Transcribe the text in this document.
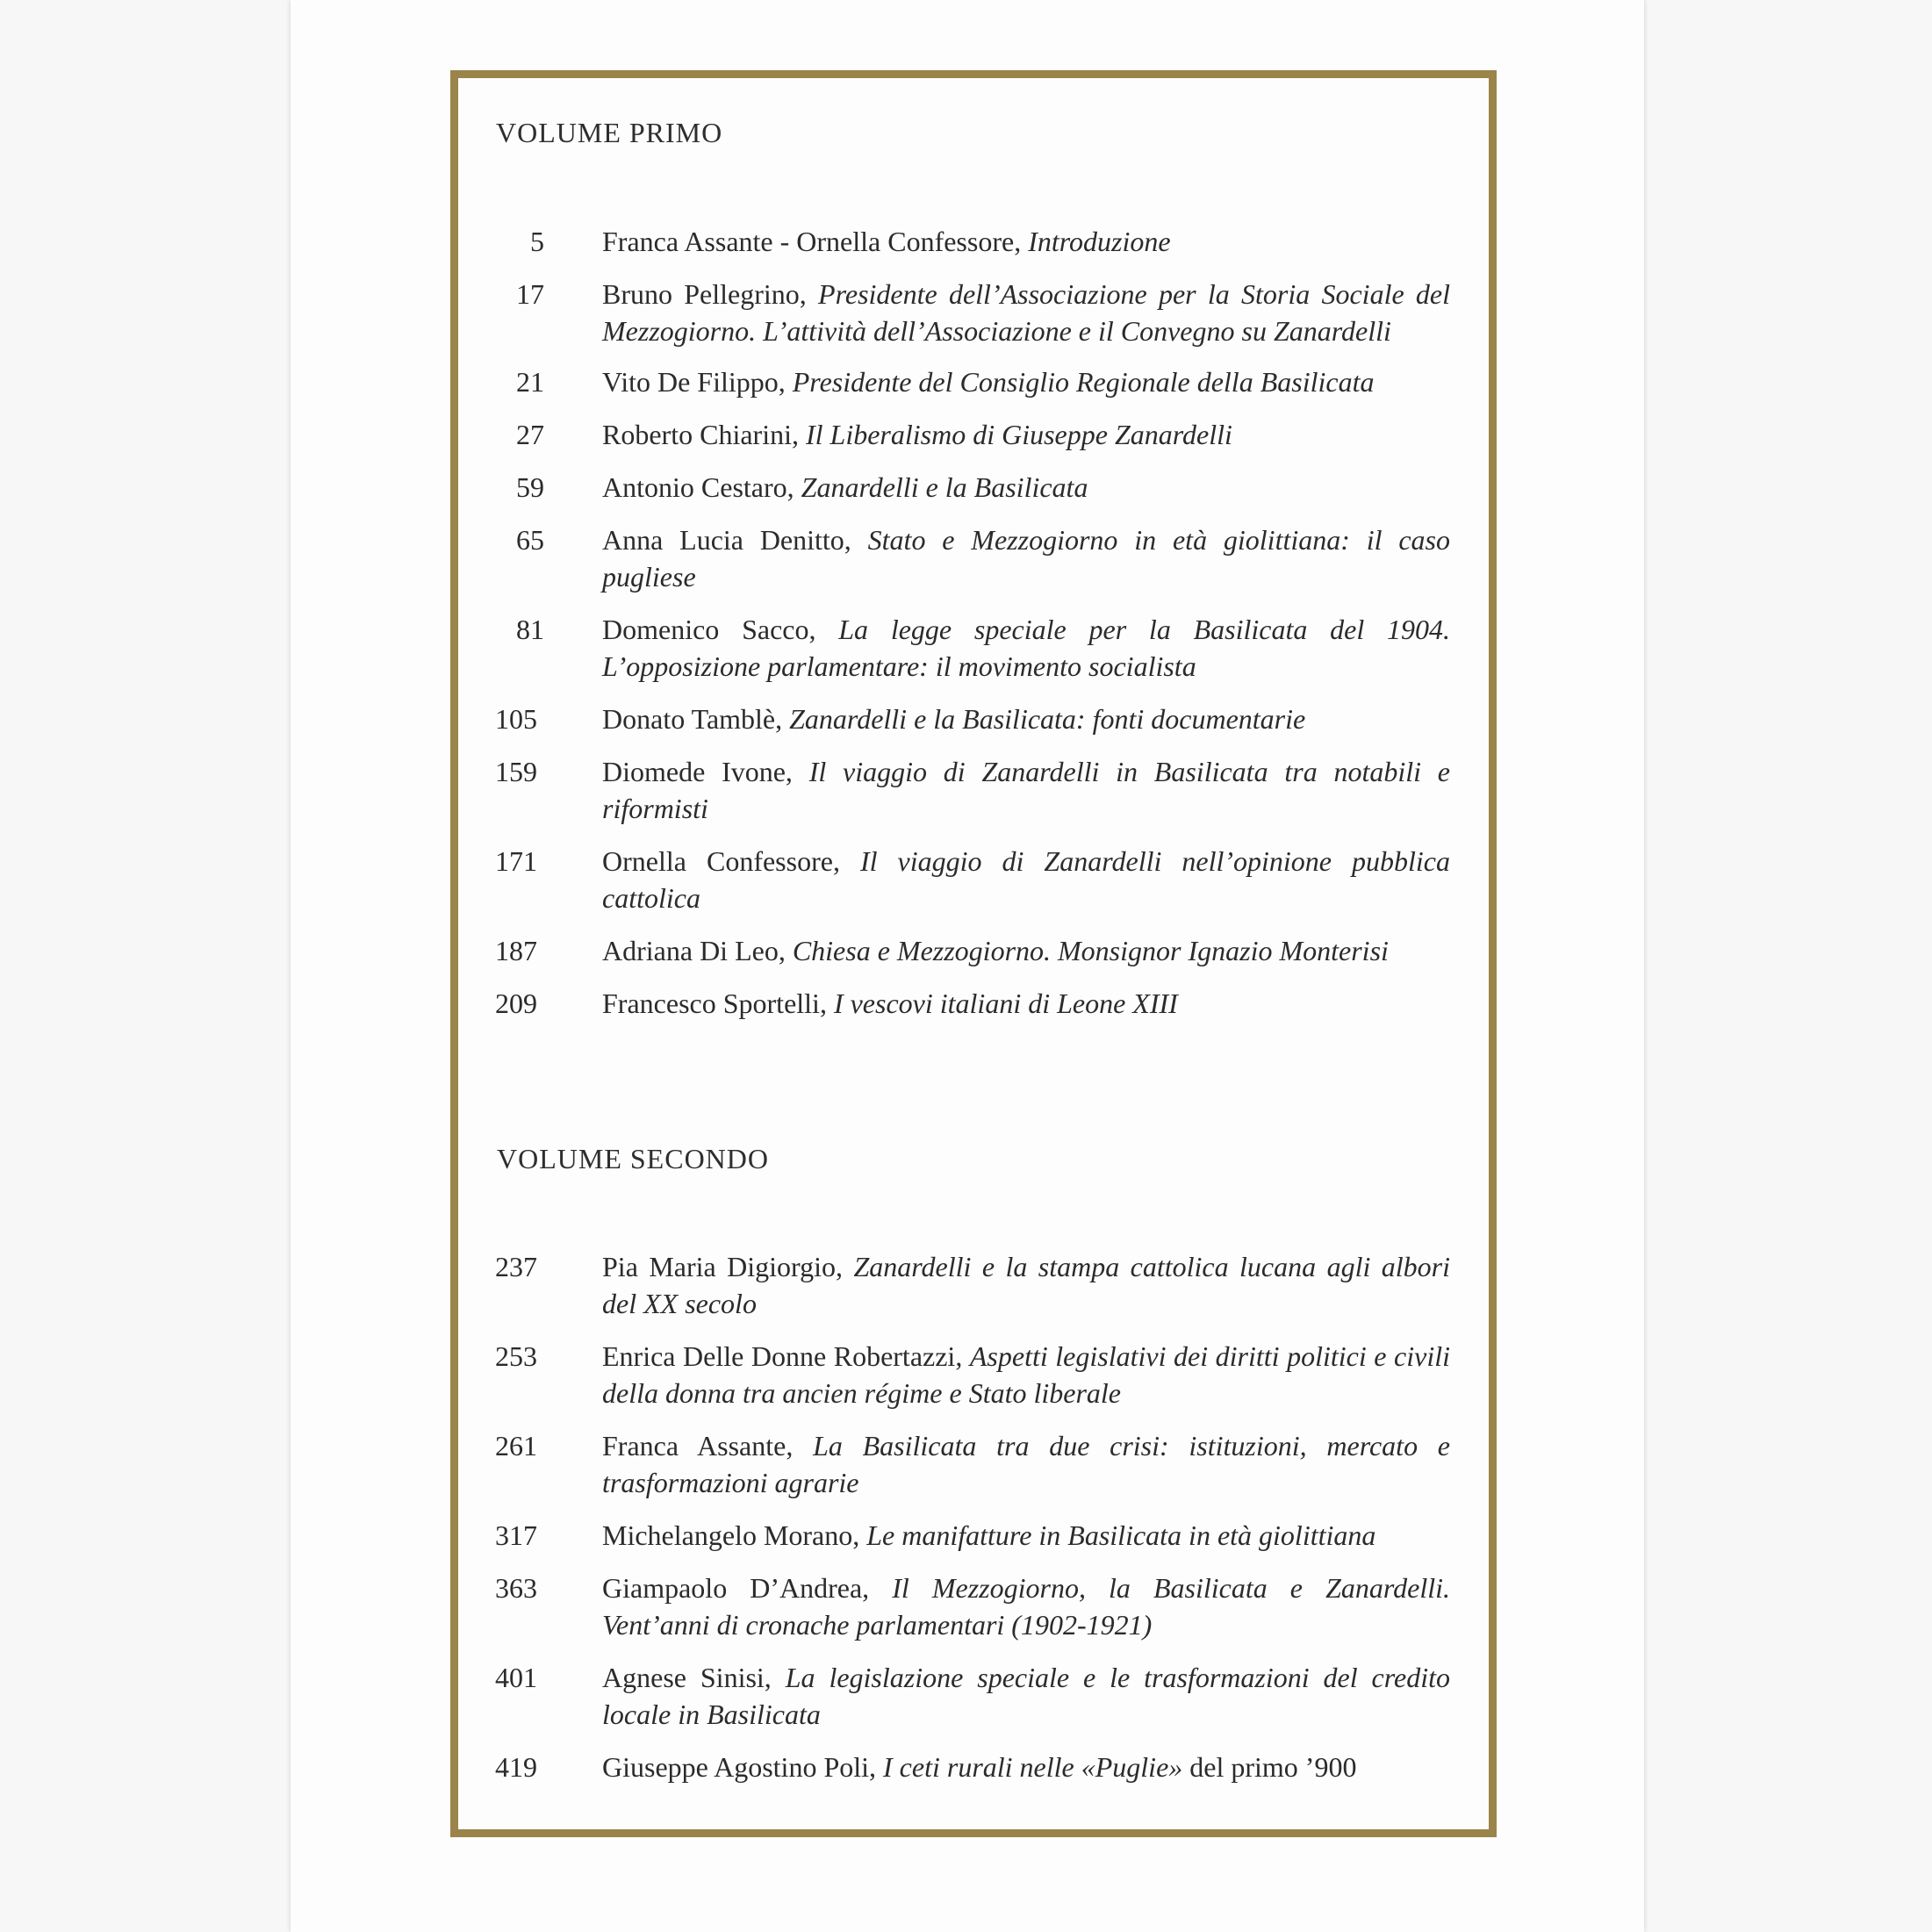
VOLUME PRIMO
5 Franca Assante - Ornella Confessore, Introduzione
17 Bruno Pellegrino, Presidente dell’Associazione per la Storia Sociale del Mezzogiorno. L’attività dell’Associazione e il Convegno su Zanardelli
21 Vito De Filippo, Presidente del Consiglio Regionale della Basilicata
27 Roberto Chiarini, Il Liberalismo di Giuseppe Zanardelli
59 Antonio Cestaro, Zanardelli e la Basilicata
65 Anna Lucia Denitto, Stato e Mezzogiorno in età giolittiana: il caso pugliese
81 Domenico Sacco, La legge speciale per la Basilicata del 1904. L’opposizione parlamentare: il movimento socialista
105	Donato Tamblè, Zanardelli e la Basilicata: fonti documentarie
159	Diomede Ivone, Il viaggio di Zanardelli in Basilicata tra notabili e riformisti
171	Ornella Confessore, Il viaggio di Zanardelli nell’opinione pubblica cattolica
187	Adriana Di Leo, Chiesa e Mezzogiorno. Monsignor Ignazio Monterisi
209	Francesco Sportelli, I vescovi italiani di Leone XIII
VOLUME SECONDO
237	Pia Maria Digiorgio, Zanardelli e la stampa cattolica lucana agli albori del XX secolo
253	Enrica Delle Donne Robertazzi, Aspetti legislativi dei diritti politici e civili della donna tra ancien régime e Stato liberale
261	Franca Assante, La Basilicata tra due crisi: istituzioni, mercato e trasformazioni agrarie
317	Michelangelo Morano, Le manifatture in Basilicata in età giolittiana
363	Giampaolo D’Andrea, Il Mezzogiorno, la Basilicata e Zanardelli. Vent’anni di cronache parlamentari (1902-1921)
401	Agnese Sinisi, La legislazione speciale e le trasformazioni del credito locale in Basilicata
419	Giuseppe Agostino Poli, I ceti rurali nelle «Puglie» del primo ’900
